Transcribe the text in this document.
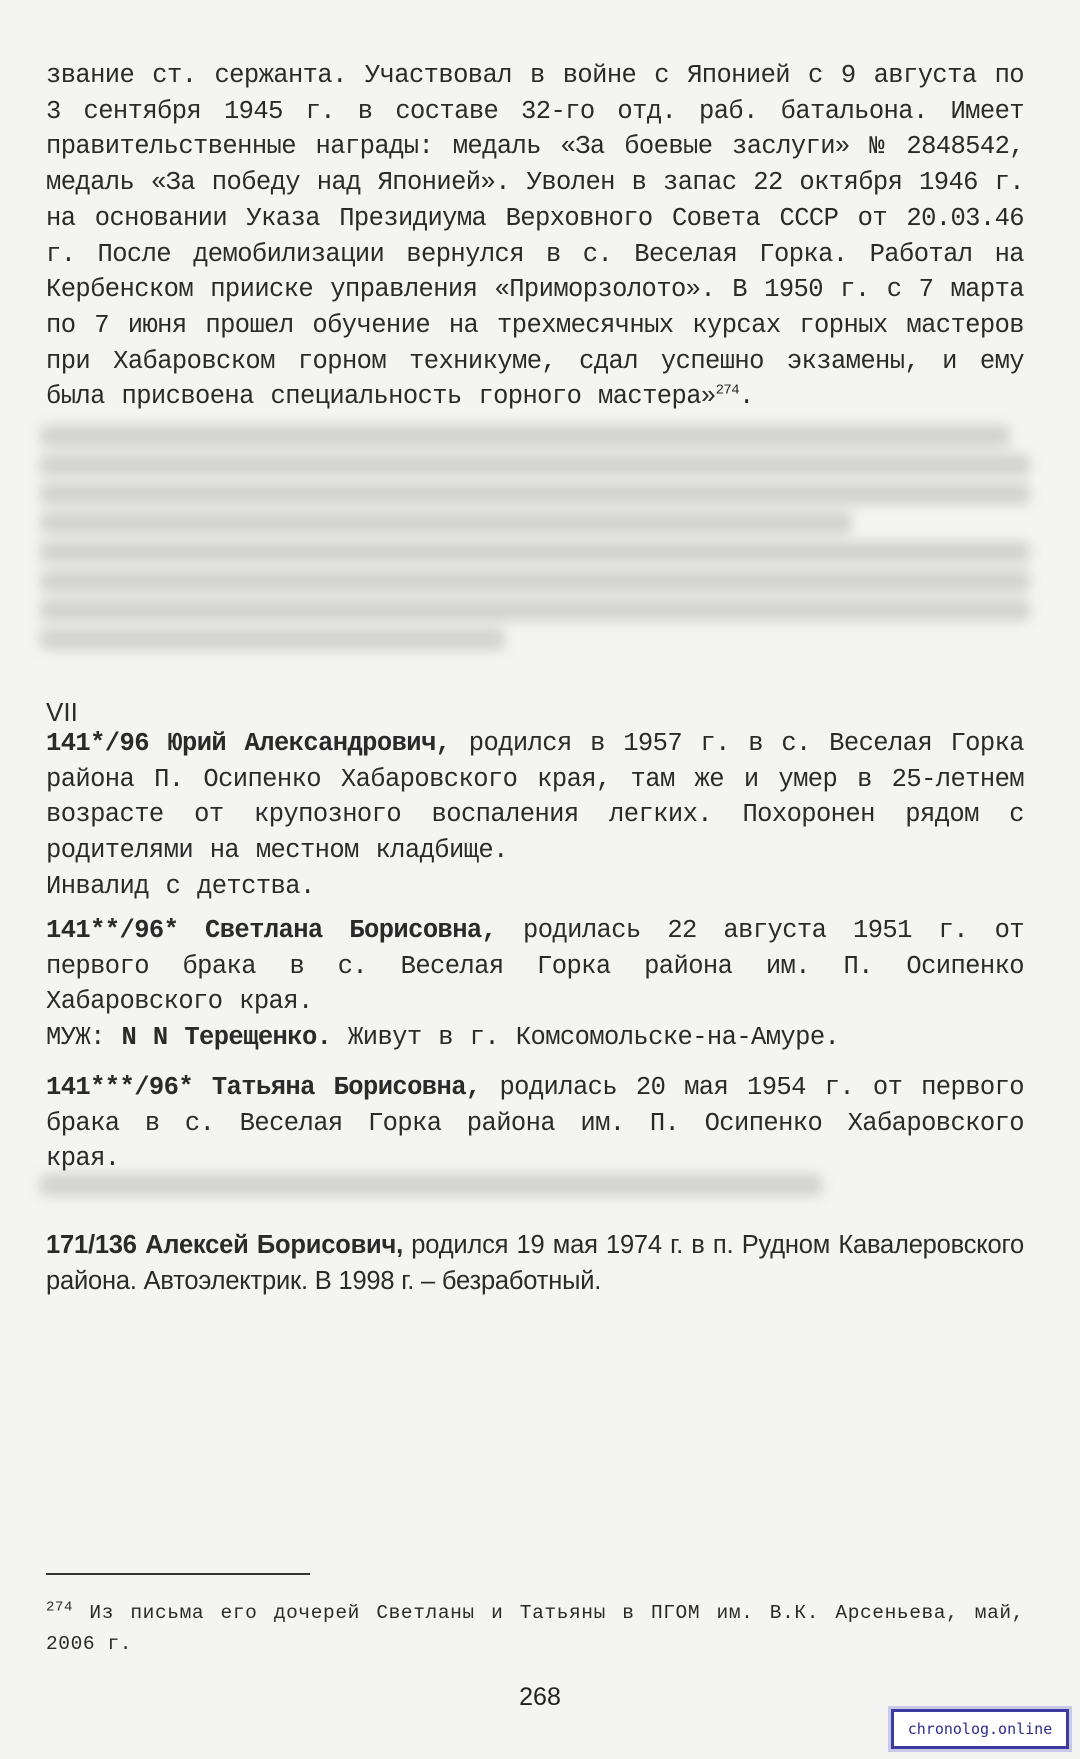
звание ст. сержанта. Участвовал в войне с Японией с 9 августа по 3 сентября 1945 г. в составе 32-го отд. раб. батальона. Имеет правительственные награды: медаль «За боевые заслуги» № 2848542, медаль «За победу над Японией». Уволен в запас 22 октября 1946 г. на основании Указа Президиума Верховного Совета СССР от 20.03.46 г. После демобилизации вернулся в с. Веселая Горка. Работал на Кербенском прииске управления «Приморзолото». В 1950 г. с 7 марта по 7 июня прошел обучение на трехмесячных курсах горных мастеров при Хабаровском горном техникуме, сдал успешно экзамены, и ему была присвоена специальность горного мастера»$^{274}$.

VII

141*/96 Юрий Александрович, родился в 1957 г. в с. Веселая Горка района П. Осипенко Хабаровского края, там же и умер в 25-летнем возрасте от крупозного воспаления легких. Похоронен рядом с родителями на местном кладбище.

Инвалид с детства.

141**/96* Светлана Борисовна, родилась 22 августа 1951 г. от первого брака в с. Веселая Горка района им. П. Осипенко Хабаровского края.

МУЖ: N N Терещенко. Живут в г. Комсомольске-на-Амуре.

141***/96* Татьяна Борисовна, родилась 20 мая 1954 г. от первого брака в с. Веселая Горка района им. П. Осипенко Хабаровского края.

171/136 Алексей Борисович, родился 19 мая 1974 г. в п. Рудном Кавалеровского района. Автоэлектрик. В 1998 г. – безработный.

$^{274}$ Из письма его дочерей Светланы и Татьяны в ПГОМ им. В.К. Арсеньева, май, 2006 г.

268
chronolog.online
